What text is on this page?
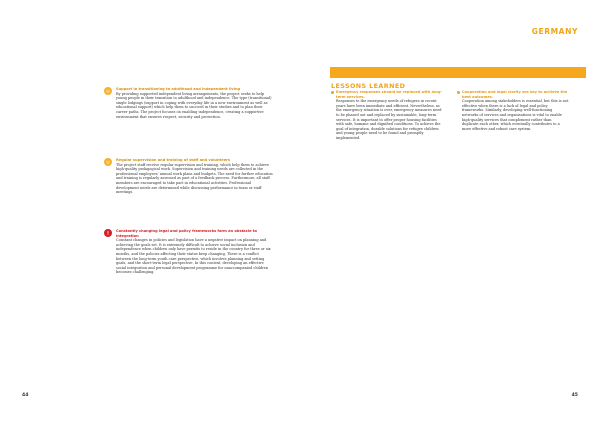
Support in transitioning to adulthood and independent living
By providing supported independent living arrangements, the project seeks to help young people in their transition to adulthood and independence. The type (transitional) single lodgings (support in coping with everyday life in a new environment as well as educational support) which help them to succeed in their studies and to plan their career paths. The project focuses on enabling independence, creating a supportive environment that ensures respect, security and protection.
Regular supervision and training of staff and volunteers
The project staff receive regular supervision and training, which help them to achieve high-quality pedagogical work. Supervision and training needs are collected in the professional employees’ annual work plans and budgets. The need for further education and training is regularly assessed as part of a feedback process. Furthermore, all staff members are encouraged to take part in educational activities. Professional development needs are determined while discussing performance in team or staff meetings.
Constantly changing legal and policy frameworks form an obstacle to integration
Constant changes in policies and legislation have a negative impact on planning and achieving the goals set. It is extremely difficult to achieve social inclusion and independence when children only have permits to reside in the country for three or six months, and the policies affecting their status keep changing. There is a conflict between the long-term youth care perspective, which involves planning and setting goals, and the short-term legal perspective. In this context, developing an effective social integration and personal development programme for unaccompanied children becomes challenging.
44
GERMANY
LESSONS LEARNED
Emergency responses should be replaced with long-term services.
Responses to the emergency needs of refugees in recent years have been immediate and efficient. Nevertheless, as the emergency situation is over, emergency measures need to be phased out and replaced by sustainable, long-term services. It is important to offer proper housing facilities with safe, humane and dignified conditions. To achieve the goal of integration, durable solutions for refugee children and young people need to be found and promptly implemented.
Cooperation and legal clarity are key to achieve the best outcomes.
Cooperation among stakeholders is essential, but this is not effective when there is a lack of legal and policy frameworks. Similarly, developing well-functioning networks of services and organisations is vital to enable high-quality services that complement rather than duplicate each other, which eventually contributes to a more effective and robust care system.
45
